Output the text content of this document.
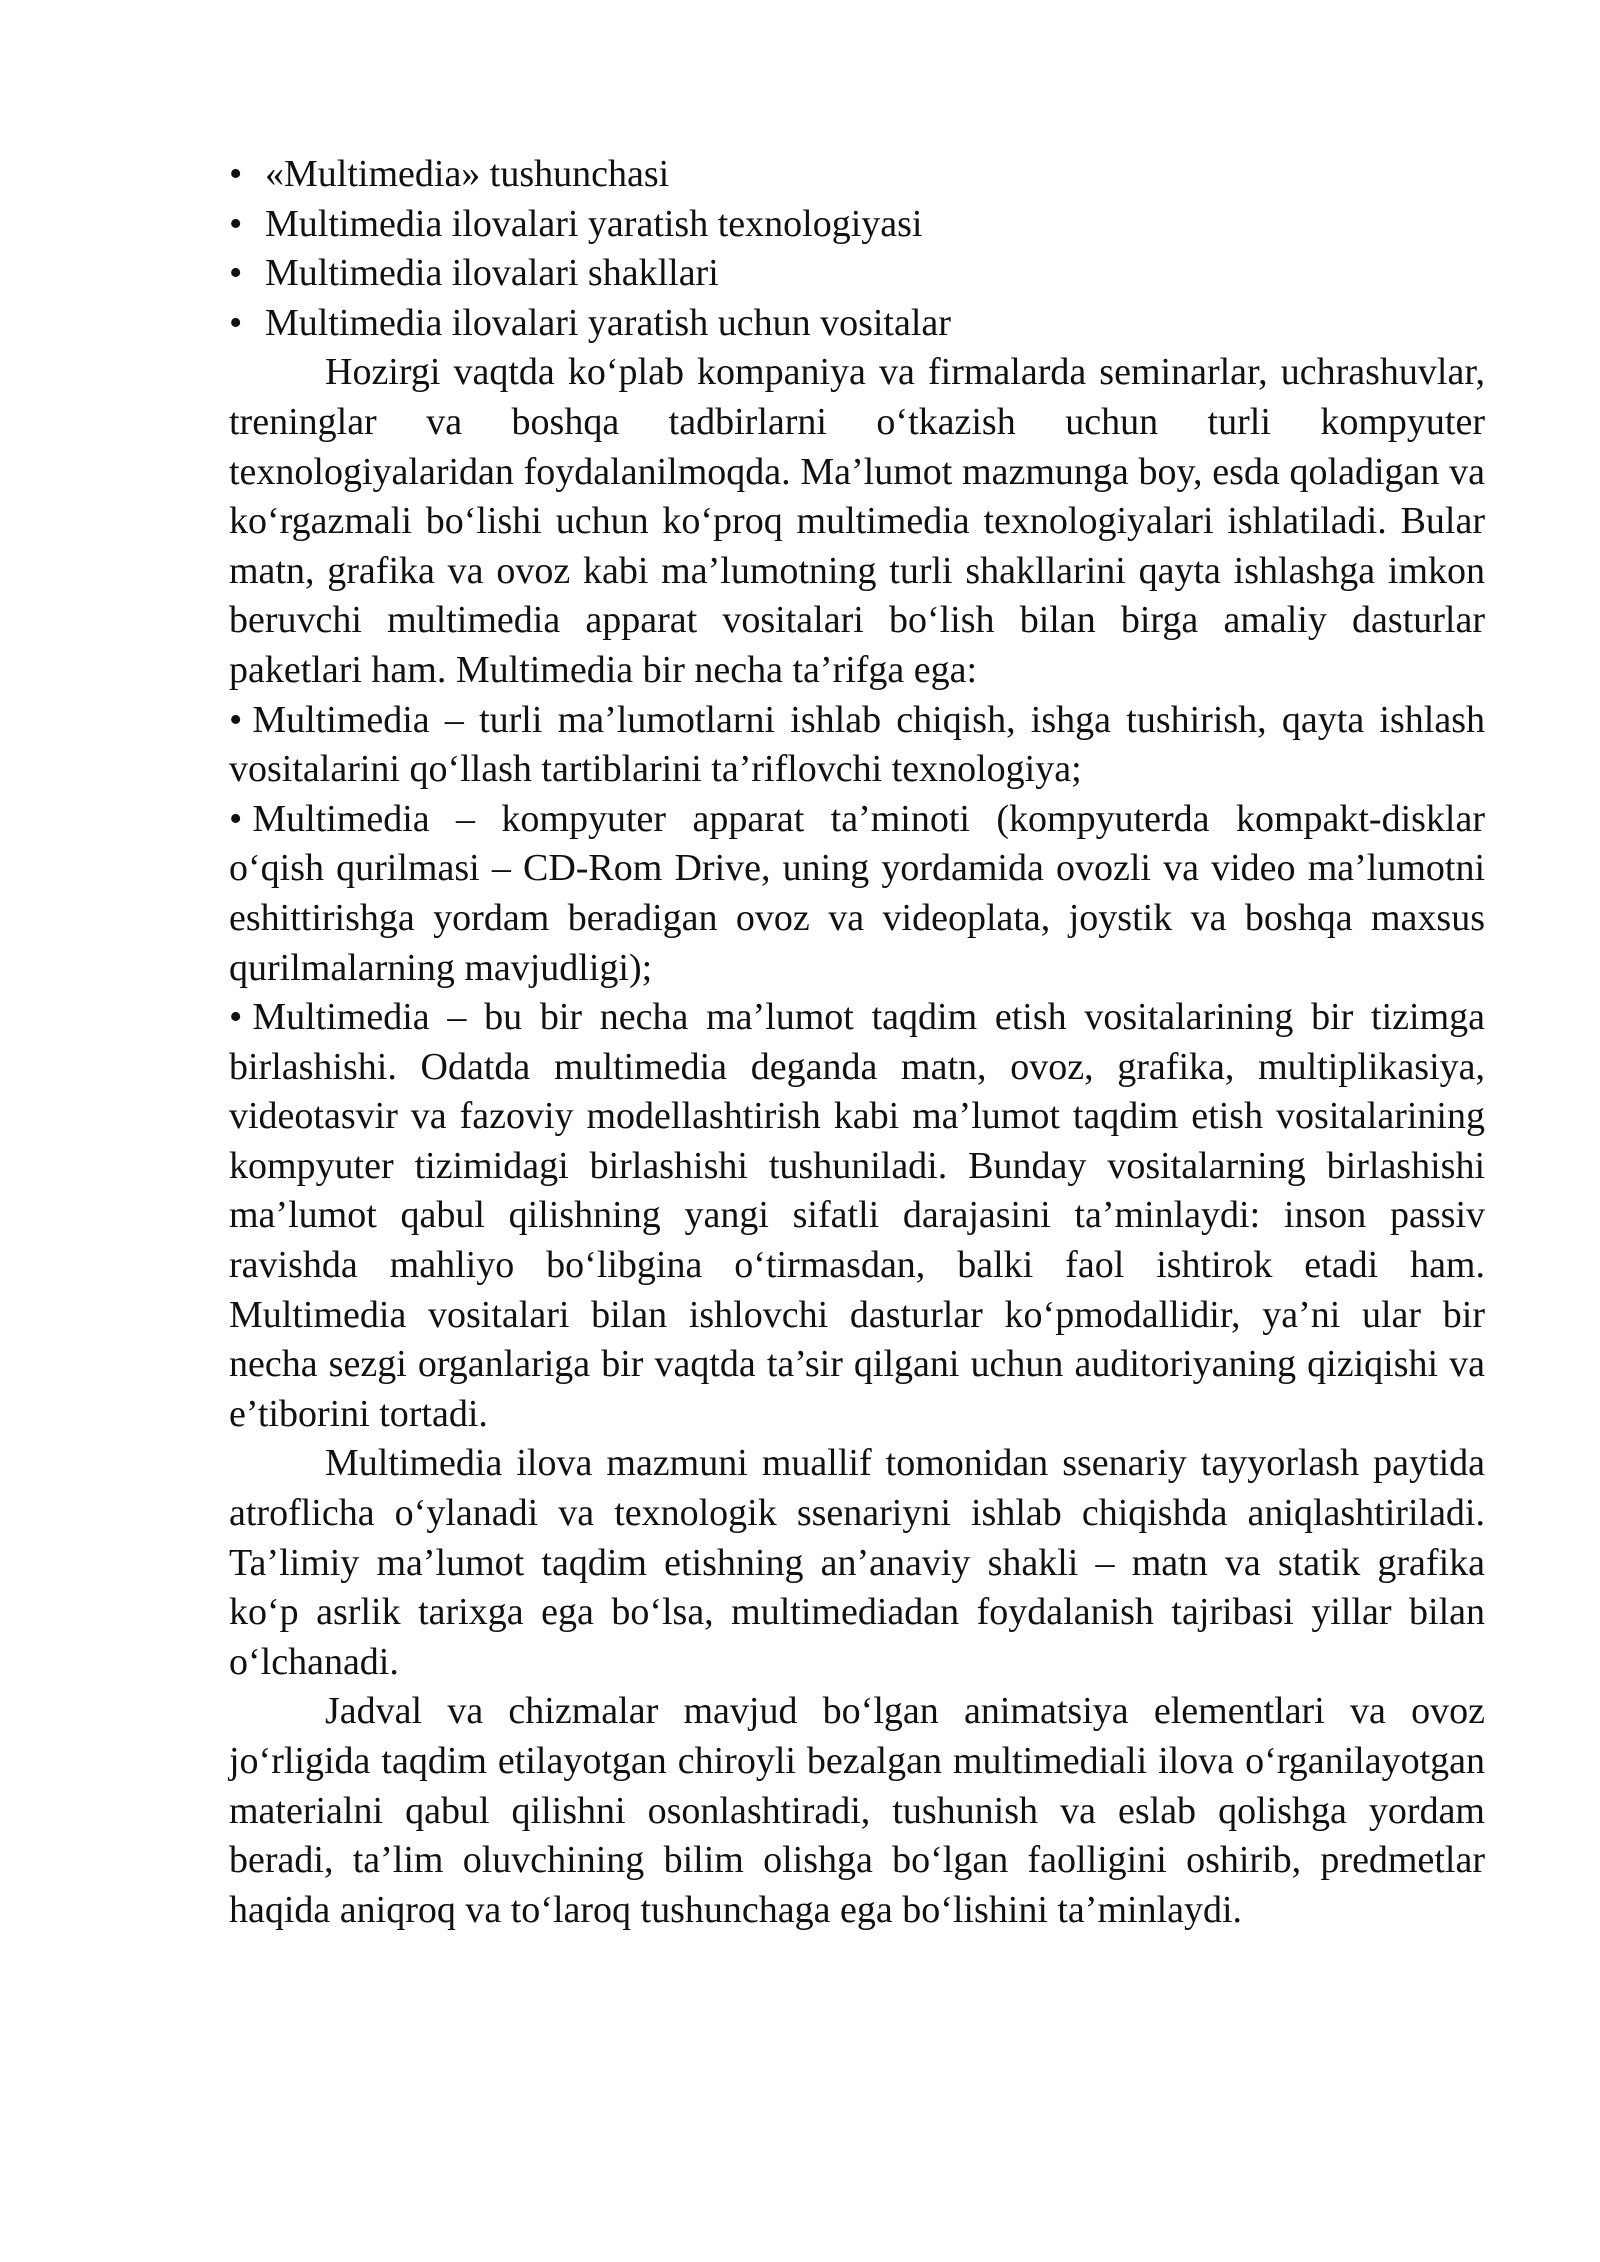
• «Multimedia» tushunchasi
• Multimedia ilovalari yaratish texnologiyasi
• Multimedia ilovalari shakllari
• Multimedia ilovalari yaratish uchun vositalar

Hozirgi vaqtda ko‘plab kompaniya va firmalarda seminarlar, uchrashuvlar, treninglar va boshqa tadbirlarni o‘tkazish uchun turli kompyuter texnologiyalaridan foydalanilmoqda. Ma’lumot mazmunga boy, esda qoladigan va ko‘rgazmali bo‘lishi uchun ko‘proq multimedia texnologiyalari ishlatiladi. Bular matn, grafika va ovoz kabi ma’lumotning turli shakllarini qayta ishlashga imkon beruvchi multimedia apparat vositalari bo‘lish bilan birga amaliy dasturlar paketlari ham. Multimedia bir necha ta’rifga ega:

• Multimedia – turli ma’lumotlarni ishlab chiqish, ishga tushirish, qayta ishlash vositalarini qo‘llash tartiblarini ta’riflovchi texnologiya;

• Multimedia – kompyuter apparat ta’minoti (kompyuterda kompakt-disklar o‘qish qurilmasi – CD-Rom Drive, uning yordamida ovozli va video ma’lumotni eshittirishga yordam beradigan ovoz va videoplata, joystik va boshqa maxsus qurilmalarning mavjudligi);

• Multimedia – bu bir necha ma’lumot taqdim etish vositalarining bir tizimga birlashishi. Odatda multimedia deganda matn, ovoz, grafika, multiplikasiya, videotasvir va fazoviy modellashtirish kabi ma’lumot taqdim etish vositalarining kompyuter tizimidagi birlashishi tushuniladi. Bunday vositalarning birlashishi ma’lumot qabul qilishning yangi sifatli darajasini ta’minlaydi: inson passiv ravishda mahliyo bo‘libgina o‘tirmasdan, balki faol ishtirok etadi ham. Multimedia vositalari bilan ishlovchi dasturlar ko‘pmodallidir, ya’ni ular bir necha sezgi organlariga bir vaqtda ta’sir qilgani uchun auditoriyaning qiziqishi va e’tiborini tortadi.

Multimedia ilova mazmuni muallif tomonidan ssenariy tayyorlash paytida atroflicha o‘ylanadi va texnologik ssenariyni ishlab chiqishda aniqlashtiriladi. Ta’limiy ma’lumot taqdim etishning an’anaviy shakli – matn va statik grafika ko‘p asrlik tarixga ega bo‘lsa, multimediadan foydalanish tajribasi yillar bilan o‘lchanadi.

Jadval va chizmalar mavjud bo‘lgan animatsiya elementlari va ovoz jo‘rligida taqdim etilayotgan chiroyli bezalgan multimediali ilova o‘rganilayotgan materialni qabul qilishni osonlashtiradi, tushunish va eslab qolishga yordam beradi, ta’lim oluvchining bilim olishga bo‘lgan faolligini oshirib, predmetlar haqida aniqroq va to‘laroq tushunchaga ega bo‘lishini ta’minlaydi.
